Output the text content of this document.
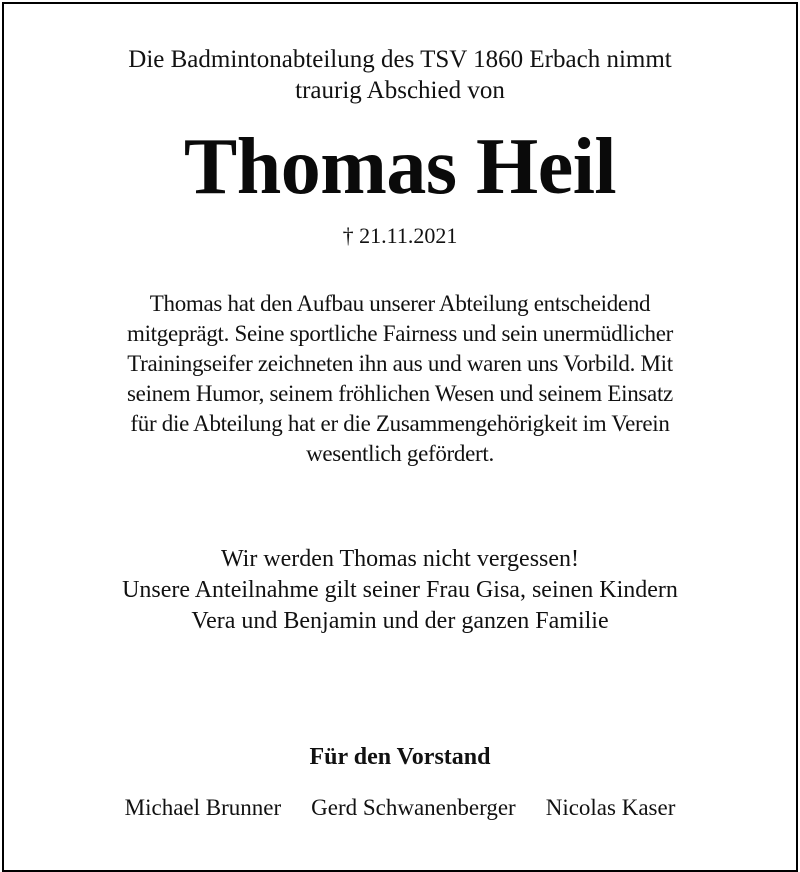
Die Badmintonabteilung des TSV 1860 Erbach nimmt
traurig Abschied von

Thomas Heil

† 21.11.2021

Thomas hat den Aufbau unserer Abteilung entscheidend
mitgeprägt. Seine sportliche Fairness und sein unermüdlicher
Trainingseifer zeichneten ihn aus und waren uns Vorbild. Mit
seinem Humor, seinem fröhlichen Wesen und seinem Einsatz
für die Abteilung hat er die Zusammengehörigkeit im Verein
wesentlich gefördert.

Wir werden Thomas nicht vergessen!
Unsere Anteilnahme gilt seiner Frau Gisa, seinen Kindern
Vera und Benjamin und der ganzen Familie

Für den Vorstand

Michael Brunner Gerd Schwanenberger Nicolas Kaser
